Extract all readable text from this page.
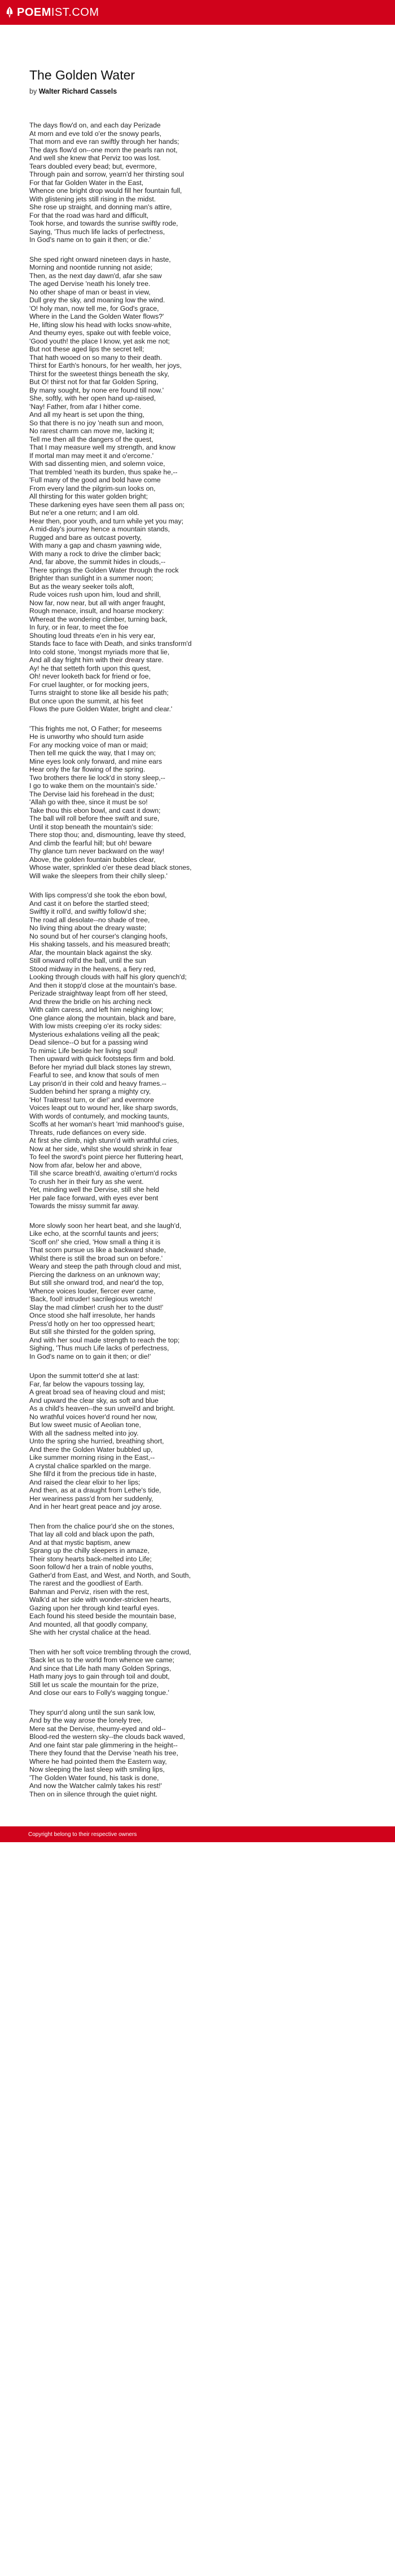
POEMIST.COM
The Golden Water
by Walter Richard Cassels
The days flow'd on, and each day Perizade
At morn and eve told o'er the snowy pearls,
That morn and eve ran swiftly through her hands;
The days flow'd on--one morn the pearls ran not,
And well she knew that Perviz too was lost.
Tears doubled every bead; but, evermore,
Through pain and sorrow, yearn'd her thirsting soul
For that far Golden Water in the East,
Whence one bright drop would fill her fountain full,
With glistening jets still rising in the midst.
She rose up straight, and donning man's attire,
For that the road was hard and difficult,
Took horse, and towards the sunrise swiftly rode,
Saying, 'Thus much life lacks of perfectness,
In God's name on to gain it then; or die.'
She sped right onward nineteen days in haste,
Morning and noontide running not aside;
Then, as the next day dawn'd, afar she saw
The aged Dervise 'neath his lonely tree.
No other shape of man or beast in view,
Dull grey the sky, and moaning low the wind.
'O! holy man, now tell me, for God's grace,
Where in the Land the Golden Water flows?'
He, lifting slow his head with locks snow-white,
And theumy eyes, spake out with feeble voice,
'Good youth! the place I know, yet ask me not;
But not these aged lips the secret tell;
That hath wooed on so many to their death.
Thirst for Earth's honours, for her wealth, her joys,
Thirst for the sweetest things beneath the sky,
But O! thirst not for that far Golden Spring,
By many sought, by none ere found till now.'
She, softly, with her open hand up-raised,
'Nay! Father, from afar I hither come.
And all my heart is set upon the thing,
So that there is no joy 'neath sun and moon,
No rarest charm can move me, lacking it;
Tell me then all the dangers of the quest,
That I may measure well my strength, and know
If mortal man may meet it and o'ercome.'
With sad dissenting mien, and solemn voice,
That trembled 'neath its burden, thus spake he,--
'Full many of the good and bold have come
From every land the pilgrim-sun looks on,
All thirsting for this water golden bright;
These darkening eyes have seen them all pass on;
But ne'er a one return; and I am old.
Hear then, poor youth, and turn while yet you may;
A mid-day's journey hence a mountain stands,
Rugged and bare as outcast poverty,
With many a gap and chasm yawning wide,
With many a rock to drive the climber back;
And, far above, the summit hides in clouds,--
There springs the Golden Water through the rock
Brighter than sunlight in a summer noon;
But as the weary seeker toils aloft,
Rude voices rush upon him, loud and shrill,
Now far, now near, but all with anger fraught,
Rough menace, insult, and hoarse mockery:
Whereat the wondering climber, turning back,
In fury, or in fear, to meet the foe
Shouting loud threats e'en in his very ear,
Stands face to face with Death, and sinks transform'd
Into cold stone, 'mongst myriads more that lie,
And all day fright him with their dreary stare.
Ay! he that setteth forth upon this quest,
Oh! never looketh back for friend or foe,
For cruel laughter, or for mocking jeers,
Turns straight to stone like all beside his path;
But once upon the summit, at his feet
Flows the pure Golden Water, bright and clear.'
'This frights me not, O Father; for meseems
He is unworthy who should turn aside
For any mocking voice of man or maid;
Then tell me quick the way, that I may on;
Mine eyes look only forward, and mine ears
Hear only the far flowing of the spring.
Two brothers there lie lock'd in stony sleep,--
I go to wake them on the mountain's side.'
The Dervise laid his forehead in the dust;
'Allah go with thee, since it must be so!
Take thou this ebon bowl, and cast it down;
The ball will roll before thee swift and sure,
Until it stop beneath the mountain's side:
There stop thou; and, dismounting, leave thy steed,
And climb the fearful hill; but oh! beware
Thy glance turn never backward on the way!
Above, the golden fountain bubbles clear,
Whose water, sprinkled o'er these dead black stones,
Will wake the sleepers from their chilly sleep.'
With lips compress'd she took the ebon bowl,
And cast it on before the startled steed;
Swiftly it roll'd, and swiftly follow'd she;
The road all desolate--no shade of tree,
No living thing about the dreary waste;
No sound but of her courser's clanging hoofs,
His shaking tassels, and his measured breath;
Afar, the mountain black against the sky.
Still onward roll'd the ball, until the sun
Stood midway in the heavens, a fiery red,
Looking through clouds with half his glory quench'd;
And then it stopp'd close at the mountain's base.
Perizade straightway leapt from off her steed,
And threw the bridle on his arching neck
With calm caress, and left him neighing low;
One glance along the mountain, black and bare,
With low mists creeping o'er its rocky sides:
Mysterious exhalations veiling all the peak;
Dead silence--O but for a passing wind
To mimic Life beside her living soul!
Then upward with quick footsteps firm and bold.
Before her myriad dull black stones lay strewn,
Fearful to see, and know that souls of men
Lay prison'd in their cold and heavy frames.--
Sudden behind her sprang a mighty cry,
'Ho! Traitress! turn, or die!' and evermore
Voices leapt out to wound her, like sharp swords,
With words of contumely, and mocking taunts,
Scoffs at her woman's heart 'mid manhood's guise,
Threats, rude defiances on every side.
At first she climb, nigh stunn'd with wrathful cries,
Now at her side, whilst she would shrink in fear
To feel the sword's point pierce her fluttering heart,
Now from afar, below her and above,
Till she scarce breath'd, awaiting o'erturn'd rocks
To crush her in their fury as she went.
Yet, minding well the Dervise, still she held
Her pale face forward, with eyes ever bent
Towards the missy summit far away.
More slowly soon her heart beat, and she laugh'd,
Like echo, at the scornful taunts and jeers;
'Scoff on!' she cried, 'How small a thing it is
That scorn pursue us like a backward shade,
Whilst there is still the broad sun on before.'
Weary and steep the path through cloud and mist,
Piercing the darkness on an unknown way;
But still she onward trod, and near'd the top,
Whence voices louder, fiercer ever came,
'Back, fool! intruder! sacrilegious wretch!
Slay the mad climber! crush her to the dust!'
Once stood she half irresolute, her hands
Press'd hotly on her too oppressed heart;
But still she thirsted for the golden spring,
And with her soul made strength to reach the top;
Sighing, 'Thus much Life lacks of perfectness,
In God's name on to gain it then; or die!'
Upon the summit totter'd she at last:
Far, far below the vapours tossing lay,
A great broad sea of heaving cloud and mist;
And upward the clear sky, as soft and blue
As a child's heaven--the sun unveil'd and bright.
No wrathful voices hover'd round her now,
But low sweet music of Aeolian tone,
With all the sadness melted into joy.
Unto the spring she hurried, breathing short,
And there the Golden Water bubbled up,
Like summer morning rising in the East,--
A crystal chalice sparkled on the marge.
She fill'd it from the precious tide in haste,
And raised the clear elixir to her lips;
And then, as at a draught from Lethe's tide,
Her weariness pass'd from her suddenly,
And in her heart great peace and joy arose.
Then from the chalice pour'd she on the stones,
That lay all cold and black upon the path,
And at that mystic baptism, anew
Sprang up the chilly sleepers in amaze,
Their stony hearts back-melted into Life;
Soon follow'd her a train of noble youths,
Gather'd from East, and West, and North, and South,
The rarest and the goodliest of Earth.
Bahman and Perviz, risen with the rest,
Walk'd at her side with wonder-stricken hearts,
Gazing upon her through kind tearful eyes.
Each found his steed beside the mountain base,
And mounted, all that goodly company,
She with her crystal chalice at the head.
Then with her soft voice trembling through the crowd,
'Back let us to the world from whence we came;
And since that Life hath many Golden Springs,
Hath many joys to gain through toil and doubt,
Still let us scale the mountain for the prize,
And close our ears to Folly's wagging tongue.'
They spurr'd along until the sun sank low,
And by the way arose the lonely tree,
Mere sat the Dervise, rheumy-eyed and old--
Blood-red the western sky--the clouds back waved,
And one faint star pale glimmering in the height--
There they found that the Dervise 'neath his tree,
Where he had pointed them the Eastern way,
Now sleeping the last sleep with smiling lips,
'The Golden Water found, his task is done,
And now the Watcher calmly takes his rest!'
Then on in silence through the quiet night.
Copyright belong to their respective owners
